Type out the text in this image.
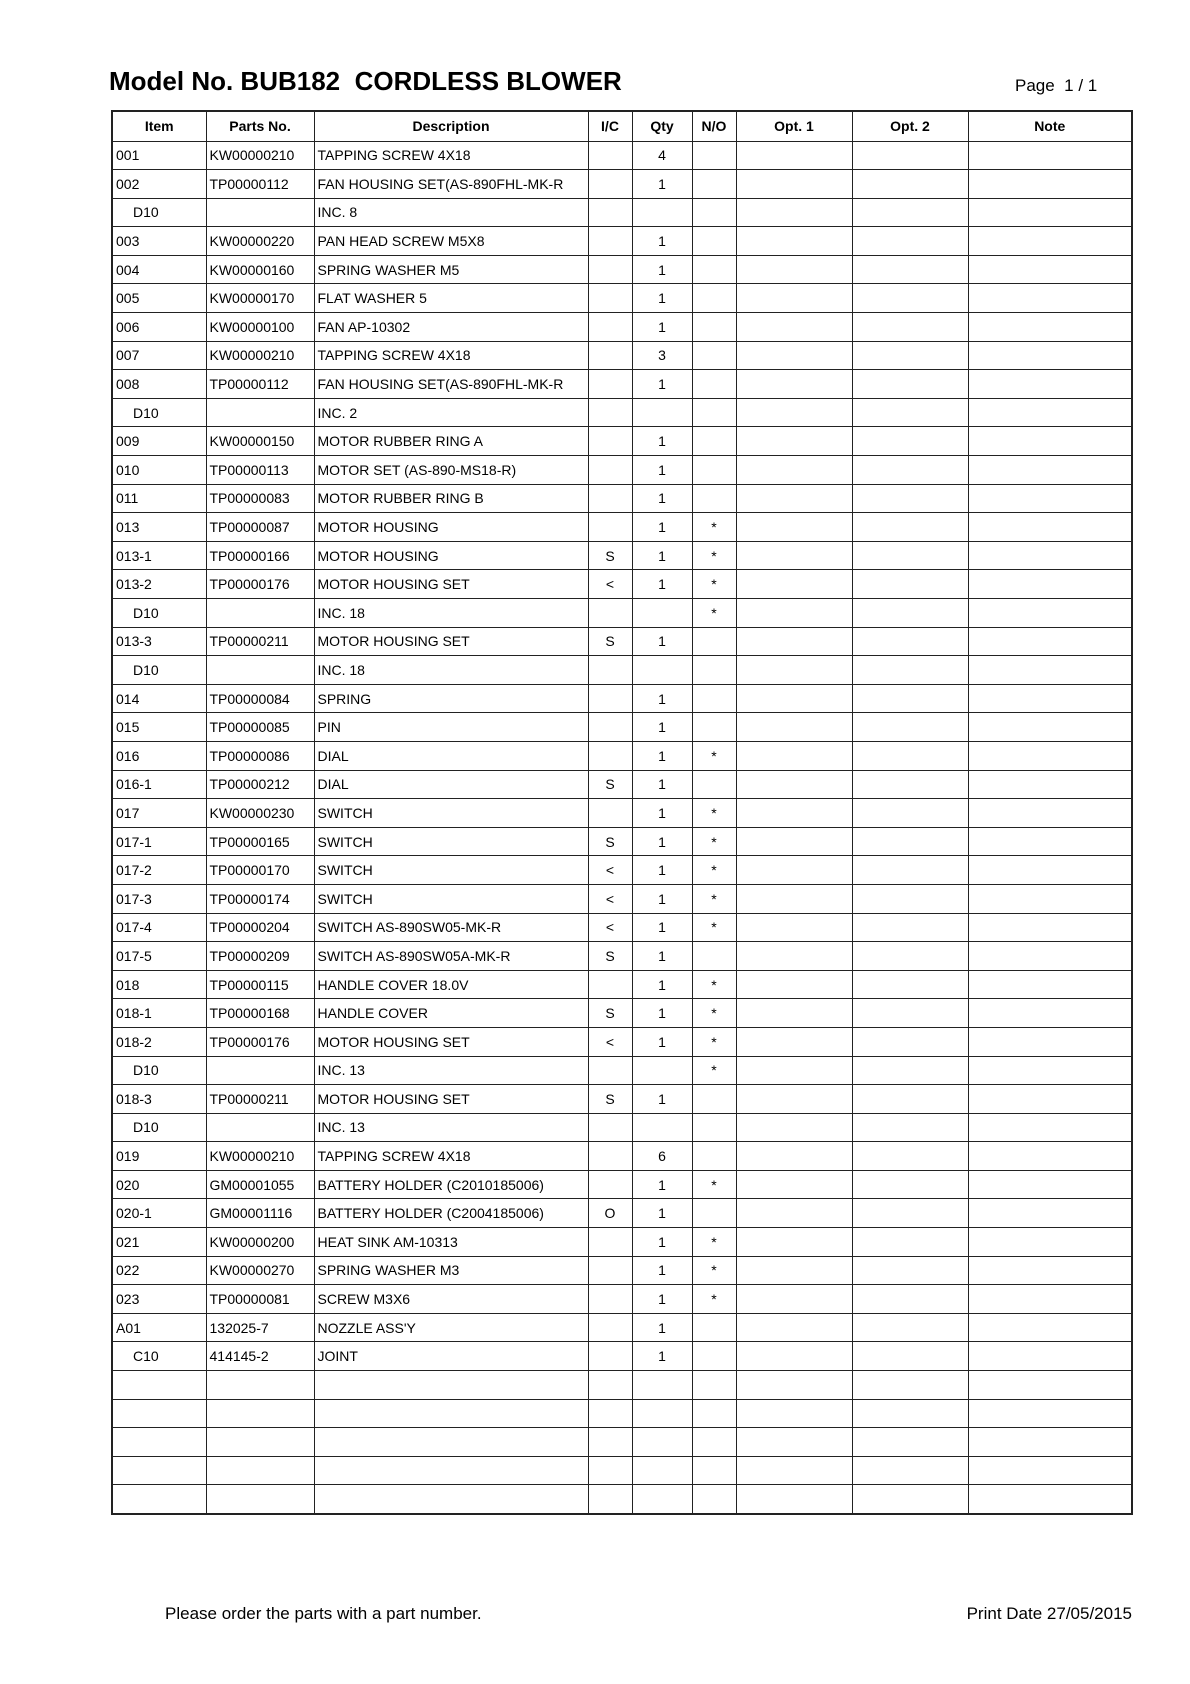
Model No. BUB182  CORDLESS BLOWER	Page  1 / 1
Item	Parts No.	Description	I/C	Qty	N/O	Opt. 1	Opt. 2	Note
001	KW00000210	TAPPING SCREW 4X18		4				
002	TP00000112	FAN HOUSING SET(AS-890FHL-MK-R		1				
D10		INC. 8						
003	KW00000220	PAN HEAD SCREW M5X8		1				
004	KW00000160	SPRING WASHER M5		1				
005	KW00000170	FLAT WASHER 5		1				
006	KW00000100	FAN AP-10302		1				
007	KW00000210	TAPPING SCREW 4X18		3				
008	TP00000112	FAN HOUSING SET(AS-890FHL-MK-R		1				
D10		INC. 2						
009	KW00000150	MOTOR RUBBER RING A		1				
010	TP00000113	MOTOR SET (AS-890-MS18-R)		1				
011	TP00000083	MOTOR RUBBER RING B		1				
013	TP00000087	MOTOR HOUSING		1	*			
013-1	TP00000166	MOTOR HOUSING	S	1	*			
013-2	TP00000176	MOTOR HOUSING SET	<	1	*			
D10		INC. 18			*			
013-3	TP00000211	MOTOR HOUSING SET	S	1				
D10		INC. 18						
014	TP00000084	SPRING		1				
015	TP00000085	PIN		1				
016	TP00000086	DIAL		1	*			
016-1	TP00000212	DIAL	S	1				
017	KW00000230	SWITCH		1	*			
017-1	TP00000165	SWITCH	S	1	*			
017-2	TP00000170	SWITCH	<	1	*			
017-3	TP00000174	SWITCH	<	1	*			
017-4	TP00000204	SWITCH AS-890SW05-MK-R	<	1	*			
017-5	TP00000209	SWITCH AS-890SW05A-MK-R	S	1				
018	TP00000115	HANDLE COVER 18.0V		1	*			
018-1	TP00000168	HANDLE COVER	S	1	*			
018-2	TP00000176	MOTOR HOUSING SET	<	1	*			
D10		INC. 13			*			
018-3	TP00000211	MOTOR HOUSING SET	S	1				
D10		INC. 13						
019	KW00000210	TAPPING SCREW 4X18		6				
020	GM00001055	BATTERY HOLDER (C2010185006)		1	*			
020-1	GM00001116	BATTERY HOLDER (C2004185006)	O	1				
021	KW00000200	HEAT SINK AM-10313		1	*			
022	KW00000270	SPRING WASHER M3		1	*			
023	TP00000081	SCREW M3X6		1	*			
A01	132025-7	NOZZLE ASS'Y		1				
C10	414145-2	JOINT		1				

Please order the parts with a part number.	Print Date 27/05/2015
